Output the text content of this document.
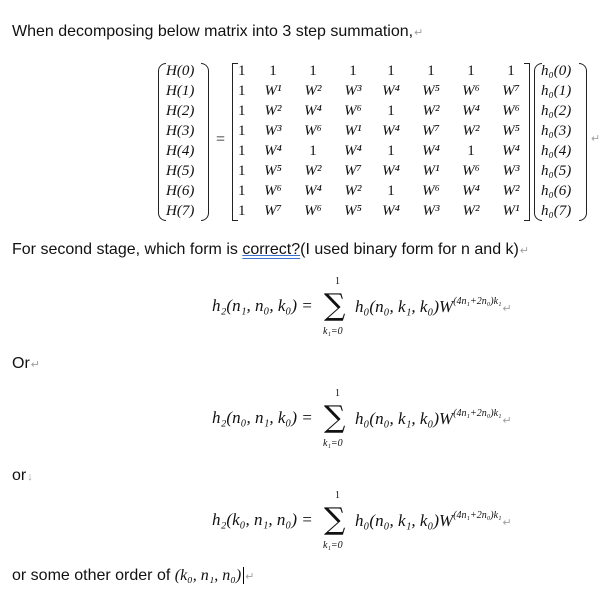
When decomposing below matrix into 3 step summation,↵
H(0)
H(1)
H(2)
H(3)
H(4)
H(5)
H(6)
H(7)
=
1	1	1	1	1	1	1	1
1	W¹	W²	W³	W⁴	W⁵	W⁶	W⁷
1	W²	W⁴	W⁶	1	W²	W⁴	W⁶
1	W³	W⁶	W¹	W⁴	W⁷	W²	W⁵
1	W⁴	1	W⁴	1	W⁴	1	W⁴
1	W⁵	W²	W⁷	W⁴	W¹	W⁶	W³
1	W⁶	W⁴	W²	1	W⁶	W⁴	W²
1	W⁷	W⁶	W⁵	W⁴	W³	W²	W¹
h₀(0)
h₀(1)
h₀(2)
h₀(3)
h₀(4)
h₀(5)
h₀(6)
h₀(7)
↵
For second stage, which form is correct?(I used binary form for n and k)↵
h₂(n₁, n₀, k₀) =
1
∑
k₁=0
h₀(n₀, k₁, $k_0)W^{(4n_1+2n_0)k_1}↵$
Or↵
h₂(n₀, n₁, k₀) =
1
∑
k₁=0
h₀(n₀, k₁, $k_0)W^{(4n_1+2n_0)k_1}↵$
or↓
h₂(k₀, n₁, n₀) =
1
∑
k₁=0
h₀(n₀, k₁, $k_0)W^{(4n_1+2n_0)k_1}↵$
or some other order of (k₀, n₁, n₀) ↵
